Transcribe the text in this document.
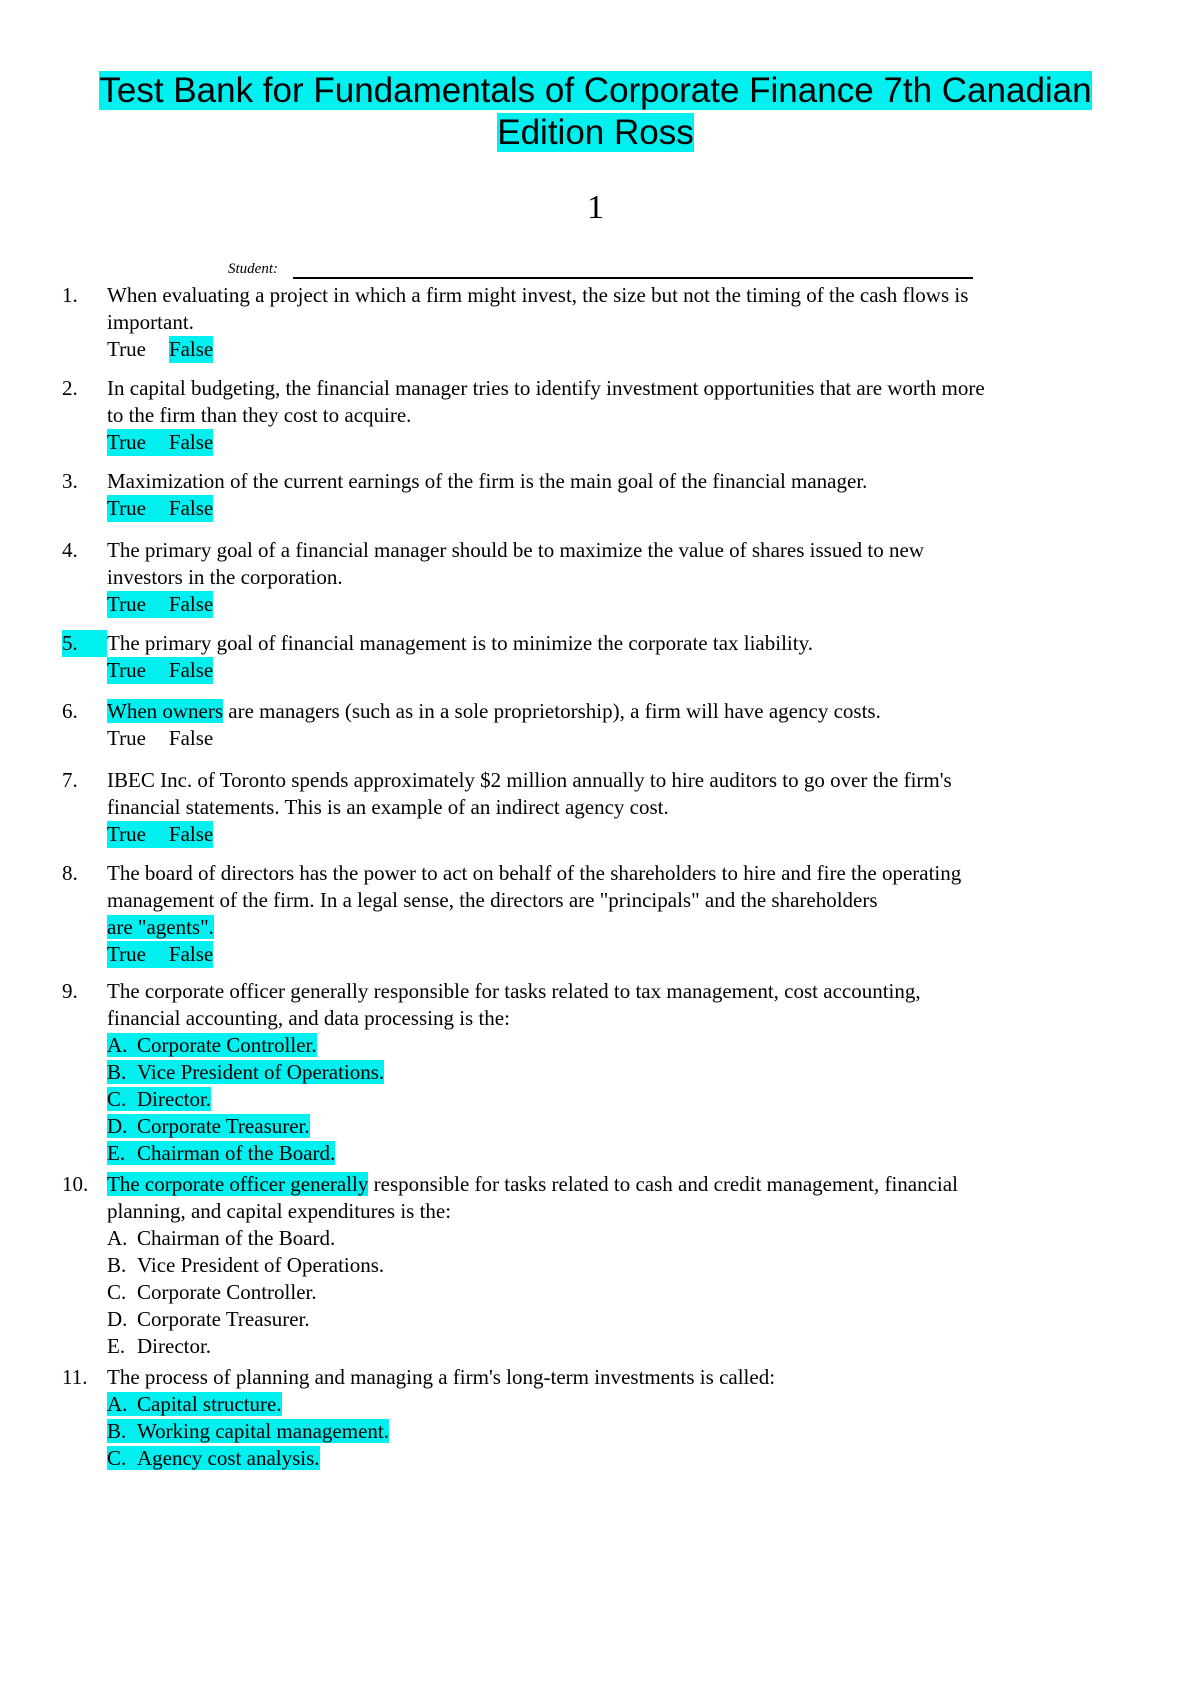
Test Bank for Fundamentals of Corporate Finance 7th Canadian
Edition Ross
1
Student:
1. When evaluating a project in which a firm might invest, the size but not the timing of the cash flows is
important.
True False
2. In capital budgeting, the financial manager tries to identify investment opportunities that are worth more
to the firm than they cost to acquire.
True False
3. Maximization of the current earnings of the firm is the main goal of the financial manager.
True False
4. The primary goal of a financial manager should be to maximize the value of shares issued to new
investors in the corporation.
True False
5.	The primary goal of financial management is to minimize the corporate tax liability.
True False
6. When owners are managers (such as in a sole proprietorship), a firm will have agency costs.
True False
7. IBEC Inc. of Toronto spends approximately $2 million annually to hire auditors to go over the firm's
financial statements. This is an example of an indirect agency cost.
True False
8. The board of directors has the power to act on behalf of the shareholders to hire and fire the operating
management of the firm. In a legal sense, the directors are "principals" and the shareholders
are "agents".
True False
9. The corporate officer generally responsible for tasks related to tax management, cost accounting,
financial accounting, and data processing is the:
A. Corporate Controller.
B. Vice President of Operations.
C. Director.
D. Corporate Treasurer.
E. Chairman of the Board.
10. The corporate officer generally responsible for tasks related to cash and credit management, financial
planning, and capital expenditures is the:
A. Chairman of the Board.
B. Vice President of Operations.
C. Corporate Controller.
D. Corporate Treasurer.
E. Director.
11. The process of planning and managing a firm's long-term investments is called:
A. Capital structure.
B. Working capital management.
C. Agency cost analysis.
